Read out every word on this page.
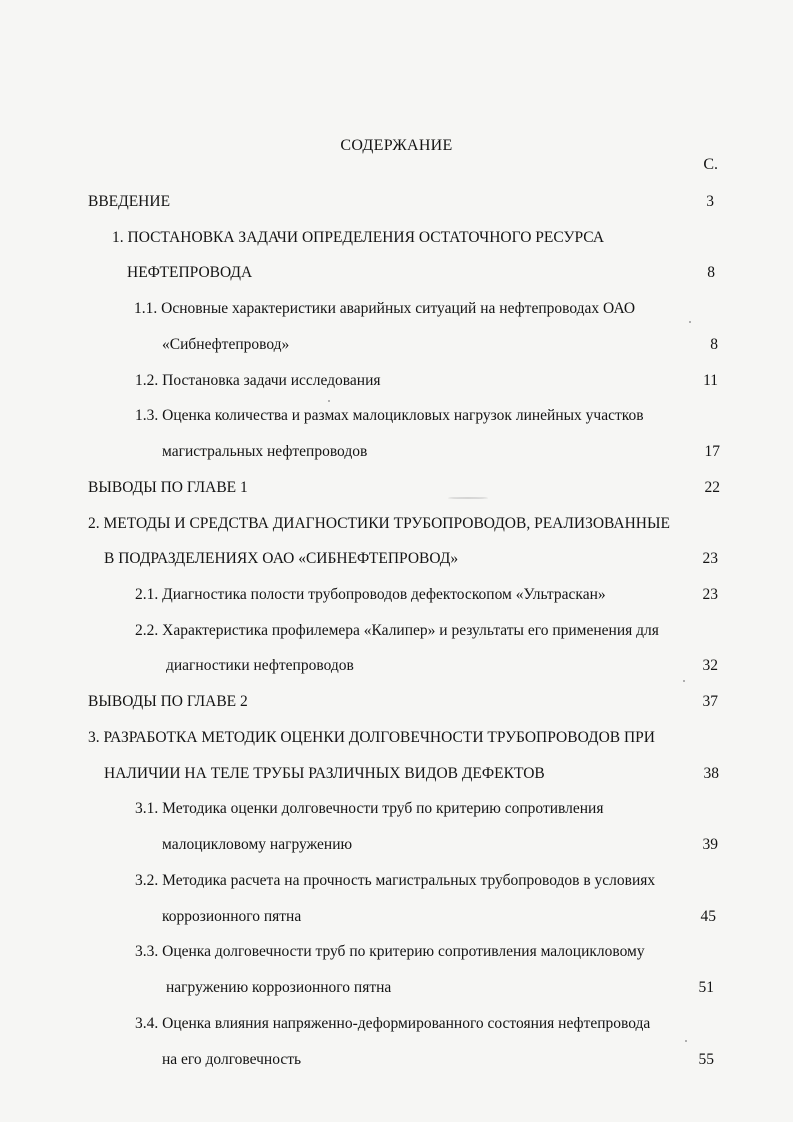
СОДЕРЖАНИЕ
С.
ВВЕДЕНИЕ	3
1. ПОСТАНОВКА ЗАДАЧИ ОПРЕДЕЛЕНИЯ ОСТАТОЧНОГО РЕСУРСА
НЕФТЕПРОВОДА	8
1.1. Основные характеристики аварийных ситуаций на нефтепроводах ОАО
«Сибнефтепровод»	8
1.2. Постановка задачи исследования	11
1.3. Оценка количества и размах малоцикловых нагрузок линейных участков
магистральных нефтепроводов	17
ВЫВОДЫ ПО ГЛАВЕ 1	22
2. МЕТОДЫ И СРЕДСТВА ДИАГНОСТИКИ ТРУБОПРОВОДОВ, РЕАЛИЗОВАННЫЕ
В ПОДРАЗДЕЛЕНИЯХ ОАО «СИБНЕФТЕПРОВОД»	23
2.1. Диагностика полости трубопроводов дефектоскопом «Ультраскан»	23
2.2. Характеристика профилемера «Калипер» и результаты его применения для
диагностики нефтепроводов	32
ВЫВОДЫ ПО ГЛАВЕ 2	37
3. РАЗРАБОТКА МЕТОДИК ОЦЕНКИ ДОЛГОВЕЧНОСТИ ТРУБОПРОВОДОВ ПРИ
НАЛИЧИИ НА ТЕЛЕ ТРУБЫ РАЗЛИЧНЫХ ВИДОВ ДЕФЕКТОВ	38
3.1. Методика оценки долговечности труб по критерию сопротивления
малоцикловому нагружению	39
3.2. Методика расчета на прочность магистральных трубопроводов в условиях
коррозионного пятна	45
3.3. Оценка долговечности труб по критерию сопротивления малоцикловому
нагружению коррозионного пятна	51
3.4. Оценка влияния напряженно-деформированного состояния нефтепровода
на его долговечность	55
